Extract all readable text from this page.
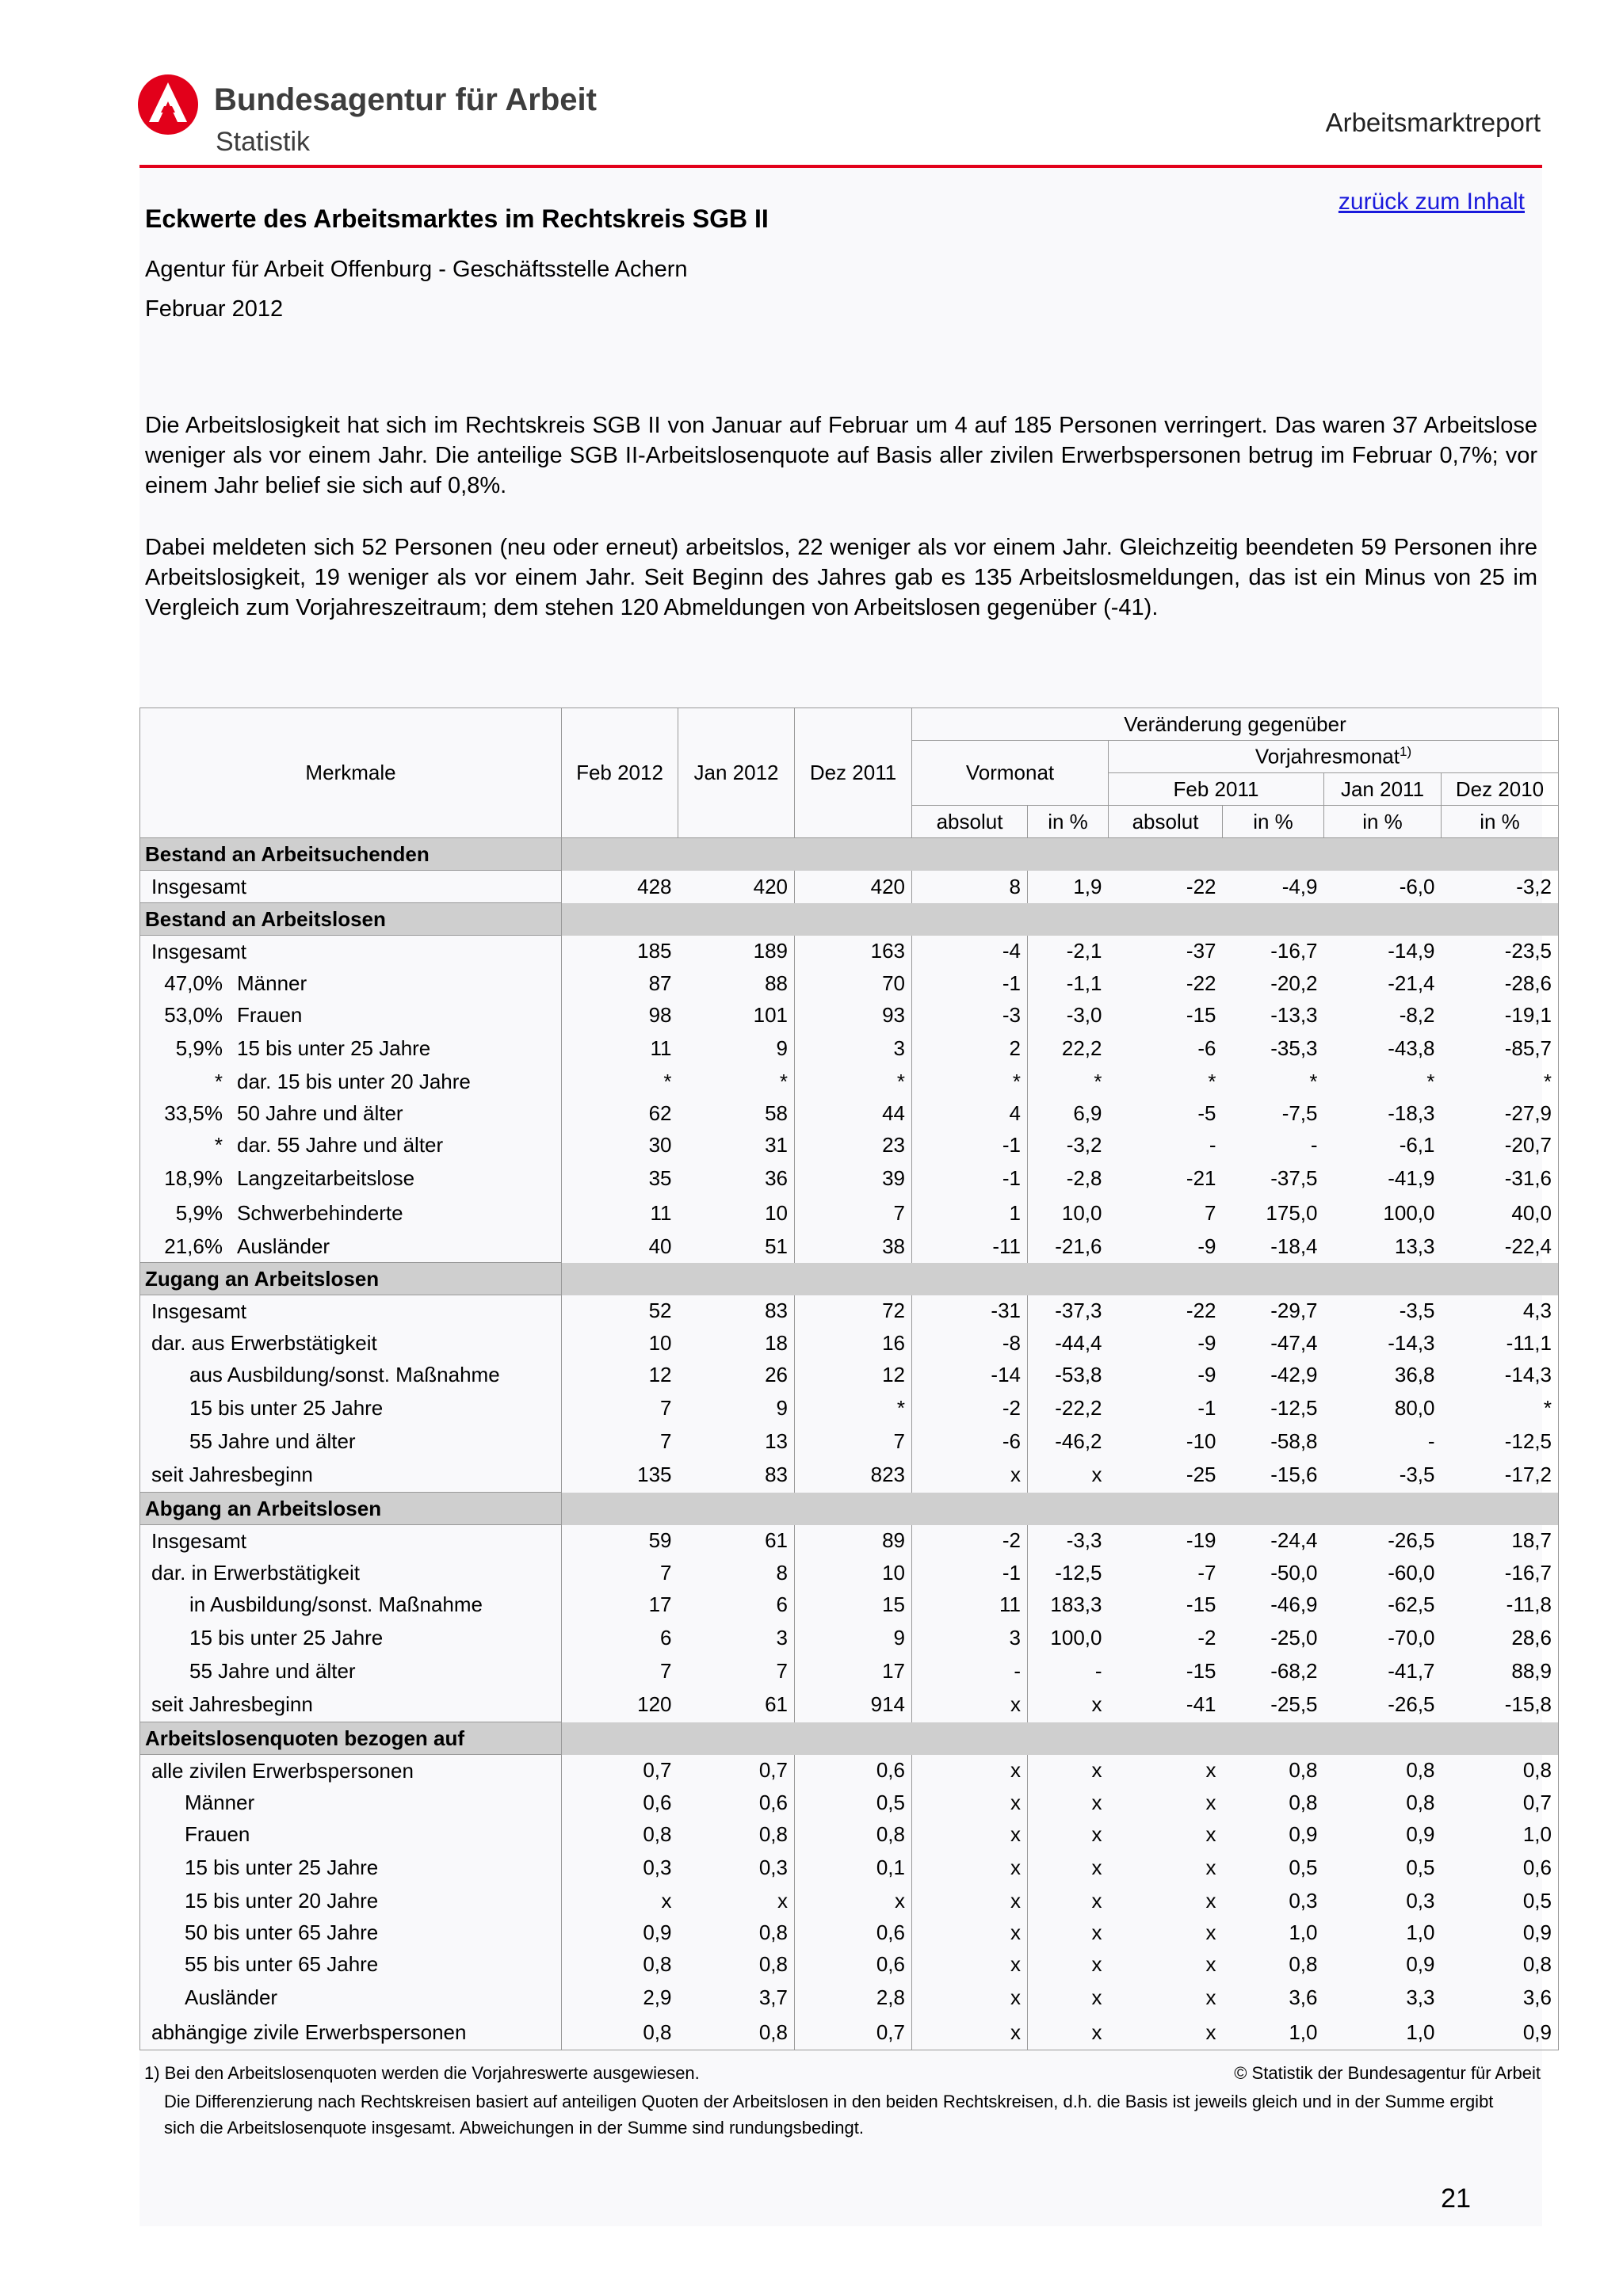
Bundesagentur für Arbeit
Statistik
Arbeitsmarktreport
zurück zum Inhalt
Eckwerte des Arbeitsmarktes im Rechtskreis SGB II
Agentur für Arbeit Offenburg - Geschäftsstelle Achern
Februar 2012
Die Arbeitslosigkeit hat sich im Rechtskreis SGB II von Januar auf Februar um 4 auf 185 Personen verringert. Das waren 37 Arbeitslose weniger als vor einem Jahr. Die anteilige SGB II-Arbeitslosenquote auf Basis aller zivilen Erwerbspersonen betrug im Februar 0,7%; vor einem Jahr belief sie sich auf 0,8%.
Dabei meldeten sich 52 Personen (neu oder erneut) arbeitslos, 22 weniger als vor einem Jahr. Gleichzeitig beendeten 59 Personen ihre Arbeitslosigkeit, 19 weniger als vor einem Jahr. Seit Beginn des Jahres gab es 135 Arbeitslosmeldungen, das ist ein Minus von 25 im Vergleich zum Vorjahreszeitraum; dem stehen 120 Abmeldungen von Arbeitslosen gegenüber (-41).
Merkmale	Feb 2012	Jan 2012	Dez 2011	Veränderung gegenüber					
				Vormonat		Vorjahresmonat$^{1)}$
						Feb 2011		Jan 2011	Dez 2010
				absolut	in %	absolut	in %	in %	in %
Bestand an Arbeitsuchenden									
Insgesamt	428	420	420	8	1,9	-22	-4,9	-6,0	-3,2
Bestand an Arbeitslosen									
Insgesamt	185	189	163	-4	-2,1	-37	-16,7	-14,9	-23,5
47,0% Männer	87	88	70	-1	-1,1	-22	-20,2	-21,4	-28,6
53,0% Frauen	98	101	93	-3	-3,0	-15	-13,3	-8,2	-19,1
5,9% 15 bis unter 25 Jahre	11	9	3	2	22,2	-6	-35,3	-43,8	-85,7
* dar. 15 bis unter 20 Jahre	*	*	*	*	*	*	*	*	*
33,5% 50 Jahre und älter	62	58	44	4	6,9	-5	-7,5	-18,3	-27,9
* dar. 55 Jahre und älter	30	31	23	-1	-3,2	-	-	-6,1	-20,7
18,9% Langzeitarbeitslose	35	36	39	-1	-2,8	-21	-37,5	-41,9	-31,6
5,9% Schwerbehinderte	11	10	7	1	10,0	7	175,0	100,0	40,0
21,6% Ausländer	40	51	38	-11	-21,6	-9	-18,4	13,3	-22,4
Zugang an Arbeitslosen									
Insgesamt	52	83	72	-31	-37,3	-22	-29,7	-3,5	4,3
dar. aus Erwerbstätigkeit	10	18	16	-8	-44,4	-9	-47,4	-14,3	-11,1
aus Ausbildung/sonst. Maßnahme	12	26	12	-14	-53,8	-9	-42,9	36,8	-14,3
15 bis unter 25 Jahre	7	9	*	-2	-22,2	-1	-12,5	80,0	*
55 Jahre und älter	7	13	7	-6	-46,2	-10	-58,8	-	-12,5
seit Jahresbeginn	135	83	823	x	x	-25	-15,6	-3,5	-17,2
Abgang an Arbeitslosen									
Insgesamt	59	61	89	-2	-3,3	-19	-24,4	-26,5	18,7
dar. in Erwerbstätigkeit	7	8	10	-1	-12,5	-7	-50,0	-60,0	-16,7
in Ausbildung/sonst. Maßnahme	17	6	15	11	183,3	-15	-46,9	-62,5	-11,8
15 bis unter 25 Jahre	6	3	9	3	100,0	-2	-25,0	-70,0	28,6
55 Jahre und älter	7	7	17	-	-	-15	-68,2	-41,7	88,9
seit Jahresbeginn	120	61	914	x	x	-41	-25,5	-26,5	-15,8
Arbeitslosenquoten bezogen auf									
alle zivilen Erwerbspersonen	0,7	0,7	0,6	x	x	x	0,8	0,8	0,8
Männer	0,6	0,6	0,5	x	x	x	0,8	0,8	0,7
Frauen	0,8	0,8	0,8	x	x	x	0,9	0,9	1,0
15 bis unter 25 Jahre	0,3	0,3	0,1	x	x	x	0,5	0,5	0,6
15 bis unter 20 Jahre	x	x	x	x	x	x	0,3	0,3	0,5
50 bis unter 65 Jahre	0,9	0,8	0,6	x	x	x	1,0	1,0	0,9
55 bis unter 65 Jahre	0,8	0,8	0,6	x	x	x	0,8	0,9	0,8
Ausländer	2,9	3,7	2,8	x	x	x	3,6	3,3	3,6
abhängige zivile Erwerbspersonen	0,8	0,8	0,7	x	x	x	1,0	1,0	0,9
1) Bei den Arbeitslosenquoten werden die Vorjahreswerte ausgewiesen.	© Statistik der Bundesagentur für Arbeit
Die Differenzierung nach Rechtskreisen basiert auf anteiligen Quoten der Arbeitslosen in den beiden Rechtskreisen, d.h. die Basis ist jeweils gleich und in der Summe ergibt sich die Arbeitslosenquote insgesamt. Abweichungen in der Summe sind rundungsbedingt.
21
